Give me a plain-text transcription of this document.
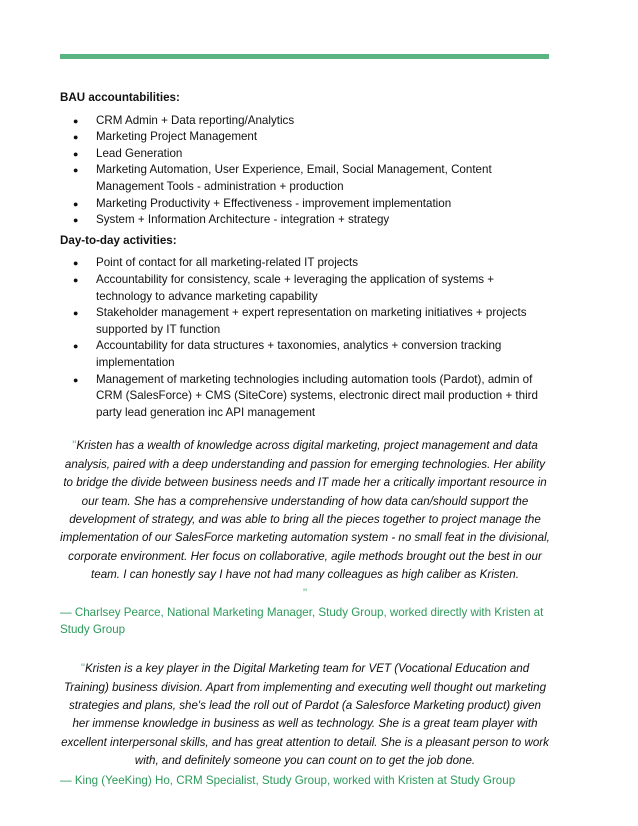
BAU accountabilities:
● CRM Admin + Data reporting/Analytics
● Marketing Project Management
● Lead Generation
● Marketing Automation, User Experience, Email, Social Management, Content Management Tools - administration + production
● Marketing Productivity + Effectiveness - improvement implementation
● System + Information Architecture - integration + strategy
Day-to-day activities:
● Point of contact for all marketing-related IT projects
● Accountability for consistency, scale + leveraging the application of systems + technology to advance marketing capability
● Stakeholder management + expert representation on marketing initiatives + projects supported by IT function
● Accountability for data structures + taxonomies, analytics + conversion tracking implementation
● Management of marketing technologies including automation tools (Pardot), admin of CRM (SalesForce) + CMS (SiteCore) systems, electronic direct mail production + third party lead generation inc API management
"Kristen has a wealth of knowledge across digital marketing, project management and data analysis, paired with a deep understanding and passion for emerging technologies. Her ability to bridge the divide between business needs and IT made her a critically important resource in our team. She has a comprehensive understanding of how data can/should support the development of strategy, and was able to bring all the pieces together to project manage the implementation of our SalesForce marketing automation system - no small feat in the divisional, corporate environment. Her focus on collaborative, agile methods brought out the best in our team. I can honestly say I have not had many colleagues as high caliber as Kristen.
"
— Charlsey Pearce, National Marketing Manager, Study Group, worked directly with Kristen at Study Group
"Kristen is a key player in the Digital Marketing team for VET (Vocational Education and Training) business division. Apart from implementing and executing well thought out marketing strategies and plans, she's lead the roll out of Pardot (a Salesforce Marketing product) given her immense knowledge in business as well as technology. She is a great team player with excellent interpersonal skills, and has great attention to detail. She is a pleasant person to work with, and definitely someone you can count on to get the job done.
— King (YeeKing) Ho, CRM Specialist, Study Group, worked with Kristen at Study Group
